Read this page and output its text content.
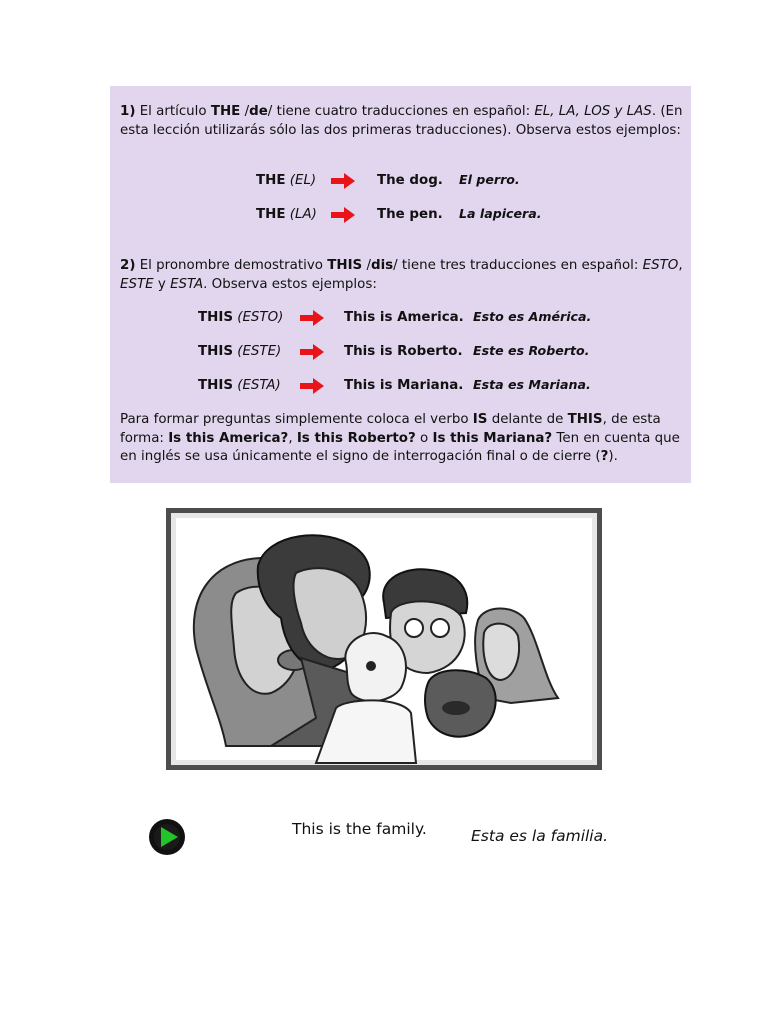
1) El artículo THE /de/ tiene cuatro traducciones en español: EL, LA, LOS y LAS. (En esta lección utilizarás sólo las dos primeras traducciones). Observa estos ejemplos:
THE (EL)	The dog. El perro.
THE (LA)	The pen. La lapicera.
2) El pronombre demostrativo THIS /dis/ tiene tres traducciones en español: ESTO, ESTE y ESTA. Observa estos ejemplos:
THIS (ESTO)	This is America. Esto es América.
THIS (ESTE)	This is Roberto. Este es Roberto.
THIS (ESTA)	This is Mariana. Esta es Mariana.
Para formar preguntas simplemente coloca el verbo IS delante de THIS, de esta forma: Is this America?, Is this Roberto? o Is this Mariana? Ten en cuenta que en inglés se usa únicamente el signo de interrogación final o de cierre (?).
This is the family.	Esta es la familia.
